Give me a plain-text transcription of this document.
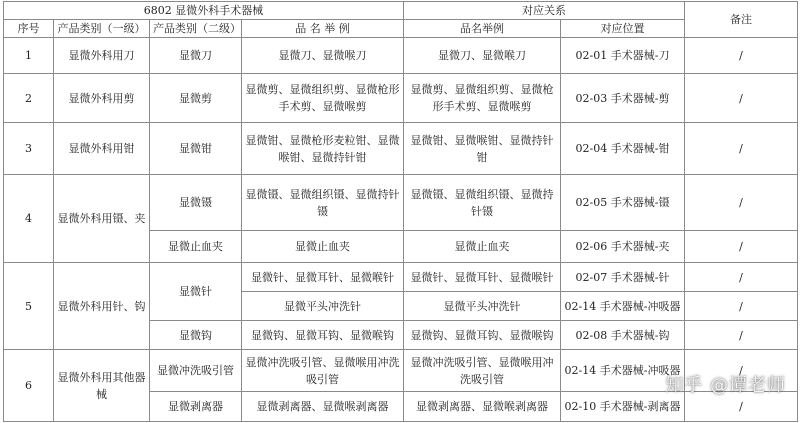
6802 显微外科手术器械				对应关系		备注
序号	产品类别（一级）	产品类别（二级）	品 名 举 例	品名举例	对应位置	
1	显微外科用刀	显微刀	显微刀、显微喉刀	显微刀、显微喉刀	02-01 手术器械-刀	/
2	显微外科用剪	显微剪	显微剪、显微组织剪、显微枪形手术剪、显微喉剪	显微剪、显微组织剪、显微枪形手术剪、显微喉剪	02-03 手术器械-剪	/
3	显微外科用钳	显微钳	显微钳、显微枪形麦粒钳、显微喉钳、显微持针钳	显微钳、显微喉钳、显微持针钳	02-04 手术器械-钳	/
4	显微外科用镊、夹	显微镊	显微镊、显微组织镊、显微持针镊	显微镊、显微组织镊、显微持针镊	02-05 手术器械-镊	/
		显微止血夹	显微止血夹	显微止血夹	02-06 手术器械-夹	/
5	显微外科用针、钩	显微针	显微针、显微耳针、显微喉针	显微针、显微耳针、显微喉针	02-07 手术器械-针	/
			显微平头冲洗针	显微平头冲洗针	02-14 手术器械-冲吸器	/
		显微钩	显微钩、显微耳钩、显微喉钩	显微钩、显微耳钩、显微喉钩	02-08 手术器械-钩	/
6	显微外科用其他器械	显微冲洗吸引管	显微冲洗吸引管、显微喉用冲洗吸引管	显微冲洗吸引管、显微喉用冲洗吸引管	02-14 手术器械-冲吸器	/
		显微剥离器	显微剥离器、显微喉剥离器	显微剥离器、显微喉剥离器	02-10 手术器械-剥离器	/
知乎 @谭老师
